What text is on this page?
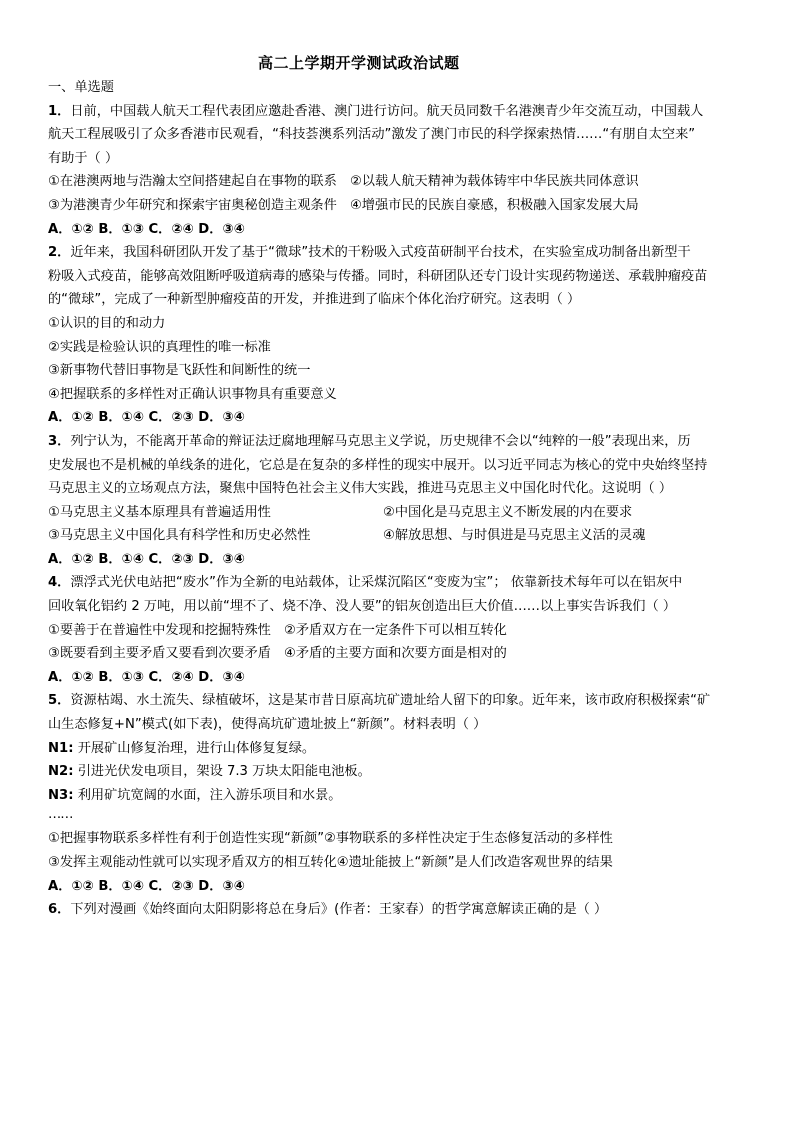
高二上学期开学测试政治试题
一、单选题
1．日前，中国载人航天工程代表团应邀赴香港、澳门进行访问。航天员同数千名港澳青少年交流互动，中国载人
航天工程展吸引了众多香港市民观看，“科技荟澳系列活动”激发了澳门市民的科学探索热情……“有朋自太空来”
有助于（ ）
①在港澳两地与浩瀚太空间搭建起自在事物的联系　②以载人航天精神为载体铸牢中华民族共同体意识
③为港澳青少年研究和探索宇宙奥秘创造主观条件　④增强市民的民族自豪感，积极融入国家发展大局
A．①② B．①③ C．②④ D．③④
2．近年来，我国科研团队开发了基于“微球”技术的干粉吸入式疫苗研制平台技术，在实验室成功制备出新型干
粉吸入式疫苗，能够高效阻断呼吸道病毒的感染与传播。同时，科研团队还专门设计实现药物递送、承载肿瘤疫苗
的“微球”，完成了一种新型肿瘤疫苗的开发，并推进到了临床个体化治疗研究。这表明（ ）
①认识的目的和动力
②实践是检验认识的真理性的唯一标准
③新事物代替旧事物是飞跃性和间断性的统一
④把握联系的多样性对正确认识事物具有重要意义
A．①② B．①④ C．②③ D．③④
3．列宁认为，不能离开革命的辩证法迂腐地理解马克思主义学说，历史规律不会以“纯粹的一般”表现出来，历
史发展也不是机械的单线条的进化，它总是在复杂的多样性的现实中展开。以习近平同志为核心的党中央始终坚持
马克思主义的立场观点方法，聚焦中国特色社会主义伟大实践，推进马克思主义中国化时代化。这说明（ ）
①马克思主义基本原理具有普遍适用性	②中国化是马克思主义不断发展的内在要求
③马克思主义中国化具有科学性和历史必然性	④解放思想、与时俱进是马克思主义活的灵魂
A．①② B．①④ C．②③ D．③④
4．漂浮式光伏电站把“废水”作为全新的电站载体，让采煤沉陷区“变废为宝”； 依靠新技术每年可以在铝灰中
回收氧化铝约 2 万吨，用以前“埋不了、烧不净、没人要”的铝灰创造出巨大价值……以上事实告诉我们（ ）
①要善于在普遍性中发现和挖掘特殊性　②矛盾双方在一定条件下可以相互转化
③既要看到主要矛盾又要看到次要矛盾　④矛盾的主要方面和次要方面是相对的
A．①② B．①③ C．②④ D．③④
5．资源枯竭、水土流失、绿植破坏，这是某市昔日原高坑矿遗址给人留下的印象。近年来，该市政府积极探索“矿
山生态修复+N”模式(如下表)，使得高坑矿遗址披上“新颜”。材料表明（ ）
N1: 开展矿山修复治理，进行山体修复复绿。
N2: 引进光伏发电项目，架设 7.3 万块太阳能电池板。
N3: 利用矿坑宽阔的水面，注入游乐项目和水景。
……
①把握事物联系多样性有利于创造性实现“新颜”②事物联系的多样性决定于生态修复活动的多样性
③发挥主观能动性就可以实现矛盾双方的相互转化④遗址能披上“新颜”是人们改造客观世界的结果
A．①② B．①④ C．②③ D．③④
6．下列对漫画《始终面向太阳阴影将总在身后》(作者：王家春）的哲学寓意解读正确的是（ ）
